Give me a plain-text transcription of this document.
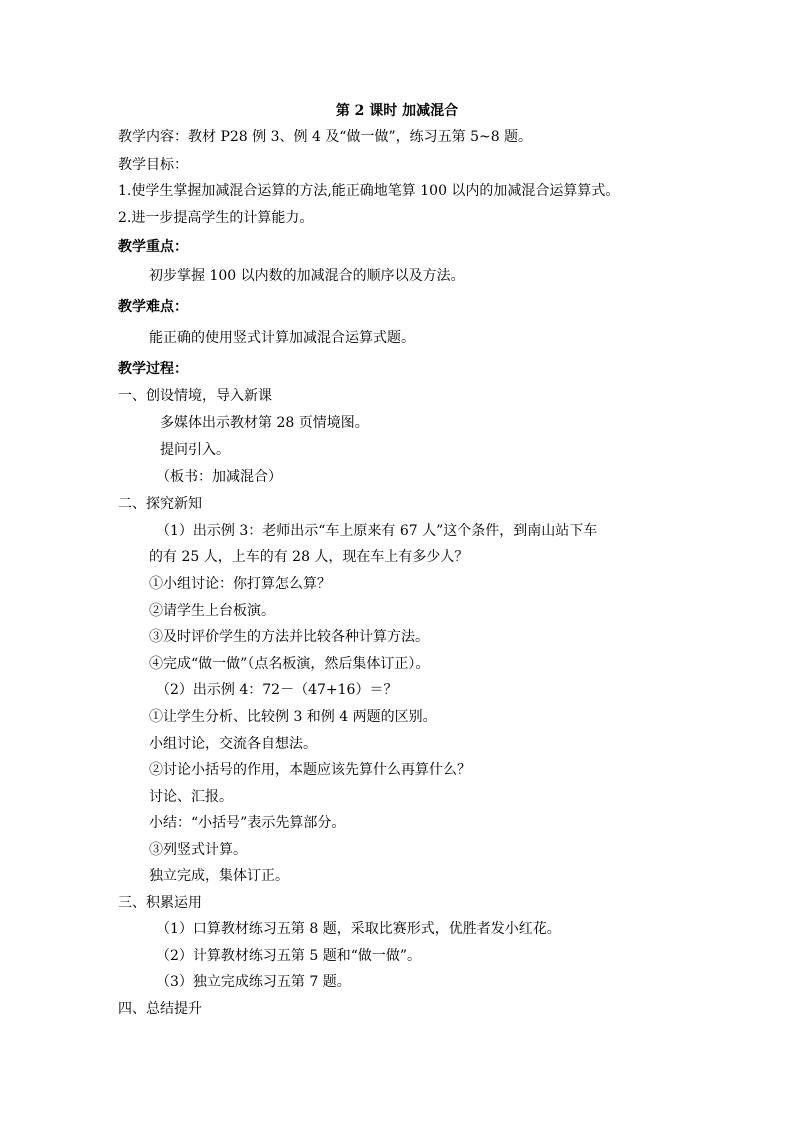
第 2 课时 加减混合
教学内容：教材 P28 例 3、例 4 及“做一做”，练习五第 5~8 题。
教学目标：
1.使学生掌握加减混合运算的方法,能正确地笔算 100 以内的加减混合运算算式。
2.进一步提高学生的计算能力。
教学重点：
初步掌握 100 以内数的加减混合的顺序以及方法。
教学难点：
能正确的使用竖式计算加减混合运算式题。
教学过程：
一、创设情境，导入新课
多媒体出示教材第 28 页情境图。
提问引入。
（板书：加减混合）
二、探究新知
（1）出示例 3：老师出示“车上原来有 67 人”这个条件，到南山站下车
的有 25 人，上车的有 28 人，现在车上有多少人？
①小组讨论：你打算怎么算？
②请学生上台板演。
③及时评价学生的方法并比较各种计算方法。
④完成“做一做”（点名板演，然后集体订正）。
（2）出示例 4：72－（47+16）＝？
①让学生分析、比较例 3 和例 4 两题的区别。
小组讨论，交流各自想法。
②讨论小括号的作用，本题应该先算什么再算什么？
讨论、汇报。
小结：“小括号”表示先算部分。
③列竖式计算。
独立完成，集体订正。
三、积累运用
（1）口算教材练习五第 8 题，采取比赛形式，优胜者发小红花。
（2）计算教材练习五第 5 题和“做一做”。
（3）独立完成练习五第 7 题。
四、总结提升
